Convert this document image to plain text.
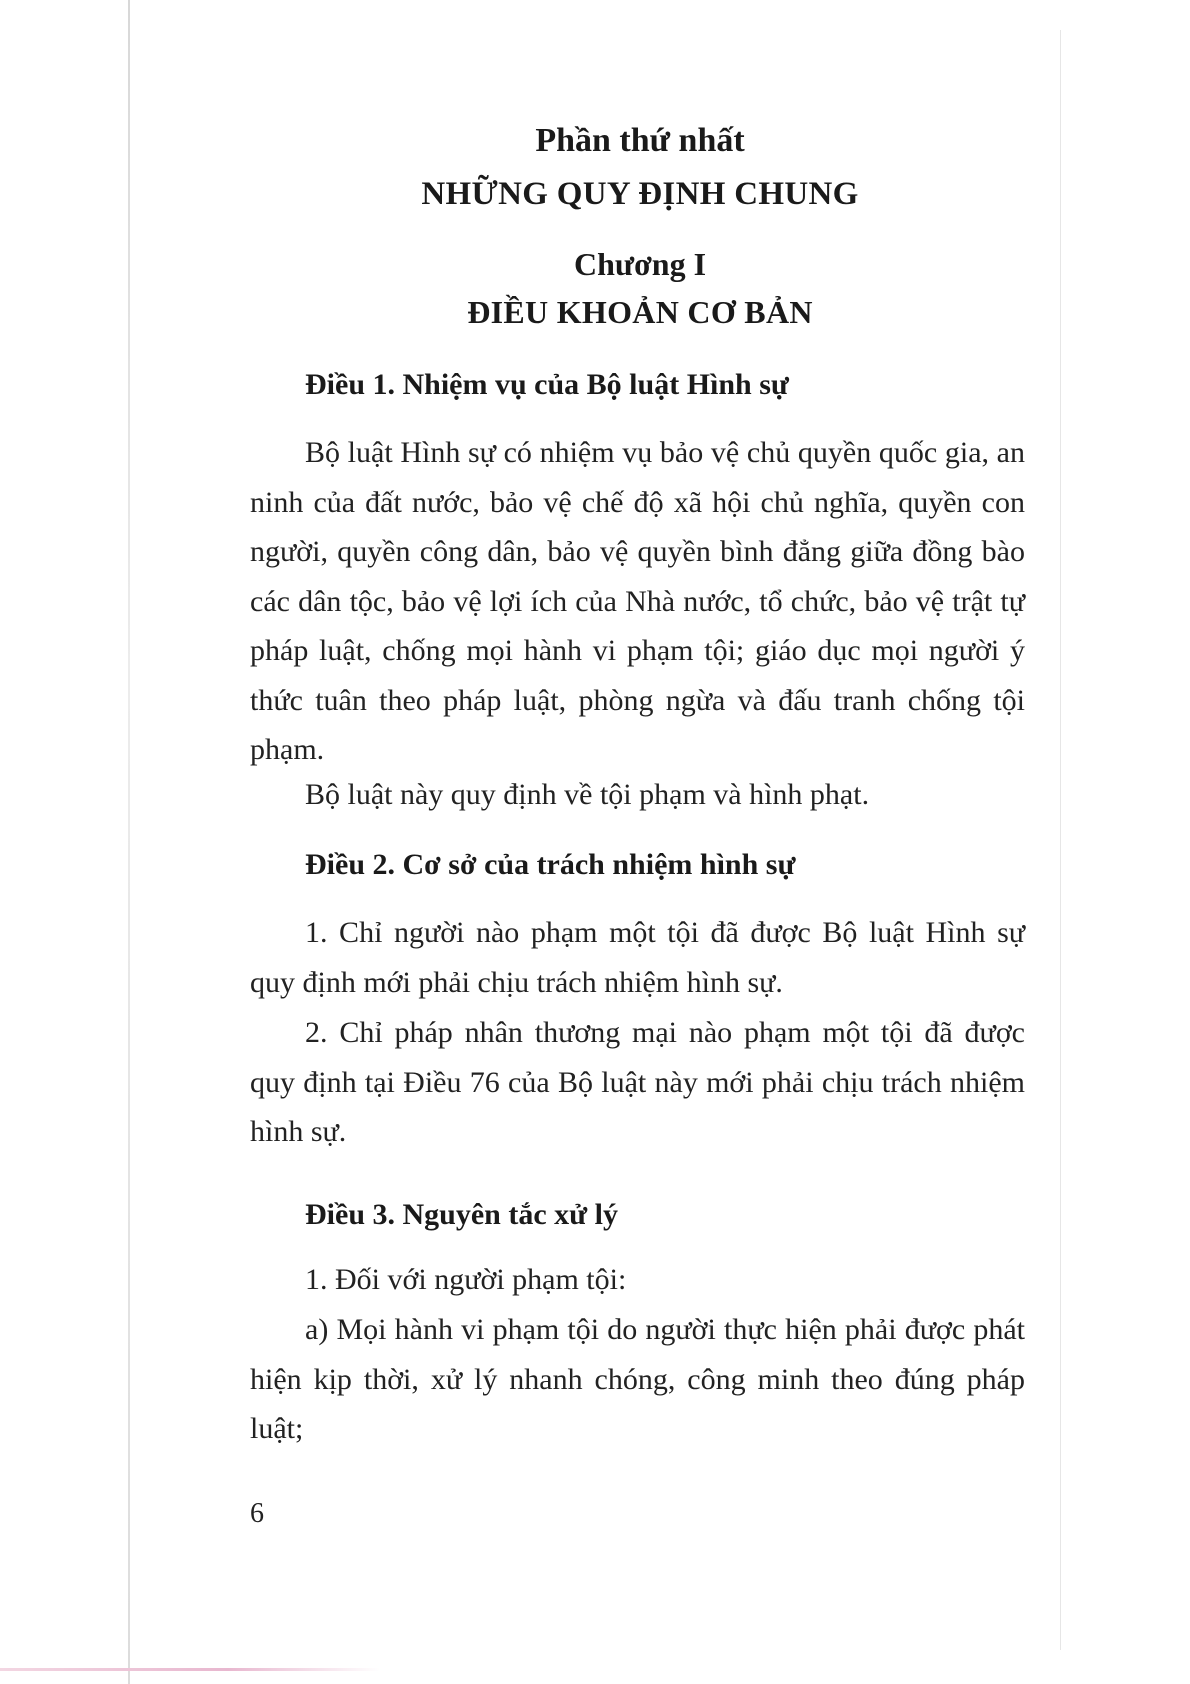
Phần thứ nhất
NHỮNG QUY ĐỊNH CHUNG
Chương I
ĐIỀU KHOẢN CƠ BẢN
Điều 1. Nhiệm vụ của Bộ luật Hình sự
Bộ luật Hình sự có nhiệm vụ bảo vệ chủ quyền quốc gia, an ninh của đất nước, bảo vệ chế độ xã hội chủ nghĩa, quyền con người, quyền công dân, bảo vệ quyền bình đẳng giữa đồng bào các dân tộc, bảo vệ lợi ích của Nhà nước, tổ chức, bảo vệ trật tự pháp luật, chống mọi hành vi phạm tội; giáo dục mọi người ý thức tuân theo pháp luật, phòng ngừa và đấu tranh chống tội phạm.
Bộ luật này quy định về tội phạm và hình phạt.
Điều 2. Cơ sở của trách nhiệm hình sự
1. Chỉ người nào phạm một tội đã được Bộ luật Hình sự quy định mới phải chịu trách nhiệm hình sự.
2. Chỉ pháp nhân thương mại nào phạm một tội đã được quy định tại Điều 76 của Bộ luật này mới phải chịu trách nhiệm hình sự.
Điều 3. Nguyên tắc xử lý
1. Đối với người phạm tội:
a) Mọi hành vi phạm tội do người thực hiện phải được phát hiện kịp thời, xử lý nhanh chóng, công minh theo đúng pháp luật;
6
